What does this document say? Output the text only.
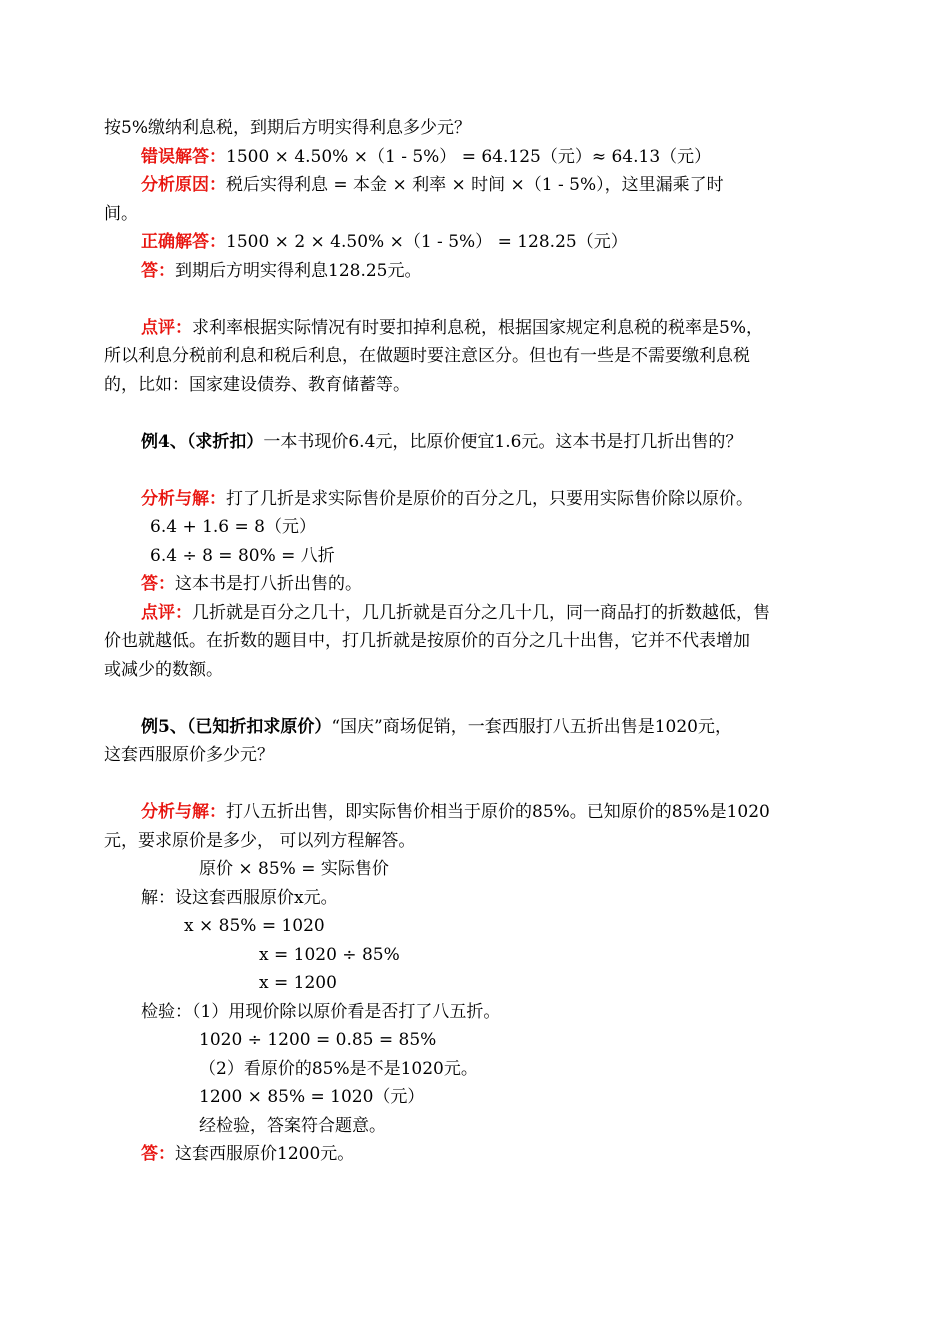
按5%缴纳利息税，到期后方明实得利息多少元？

错误解答：1500 × 4.50% ×（1 - 5%） = 64.125（元）≈ 64.13（元）

分析原因：税后实得利息 = 本金 × 利率 × 时间 ×（1 - 5%），这里漏乘了时

间。

正确解答：1500 × 2 × 4.50% ×（1 - 5%） = 128.25（元）

答：到期后方明实得利息128.25元。

点评：求利率根据实际情况有时要扣掉利息税，根据国家规定利息税的税率是5%，

所以利息分税前利息和税后利息，在做题时要注意区分。但也有一些是不需要缴利息税

的，比如：国家建设债券、教育储蓄等。

例4、（求折扣）一本书现价6.4元，比原价便宜1.6元。这本书是打几折出售的？

分析与解：打了几折是求实际售价是原价的百分之几，只要用实际售价除以原价。

6.4 + 1.6 = 8（元）

6.4 ÷ 8 = 80% = 八折

答：这本书是打八折出售的。

点评：几折就是百分之几十，几几折就是百分之几十几，同一商品打的折数越低，售

价也就越低。在折数的题目中，打几折就是按原价的百分之几十出售，它并不代表增加

或减少的数额。

例5、（已知折扣求原价）“国庆”商场促销，一套西服打八五折出售是1020元，

这套西服原价多少元？

分析与解：打八五折出售，即实际售价相当于原价的85%。已知原价的85%是1020

元，要求原价是多少， 可以列方程解答。

原价 × 85% = 实际售价

解：设这套西服原价x元。

x × 85% = 1020

x = 1020 ÷ 85%

x = 1200

检验：（1）用现价除以原价看是否打了八五折。

1020 ÷ 1200 = 0.85 = 85%

（2）看原价的85%是不是1020元。

1200 × 85% = 1020（元）

经检验，答案符合题意。

答：这套西服原价1200元。
